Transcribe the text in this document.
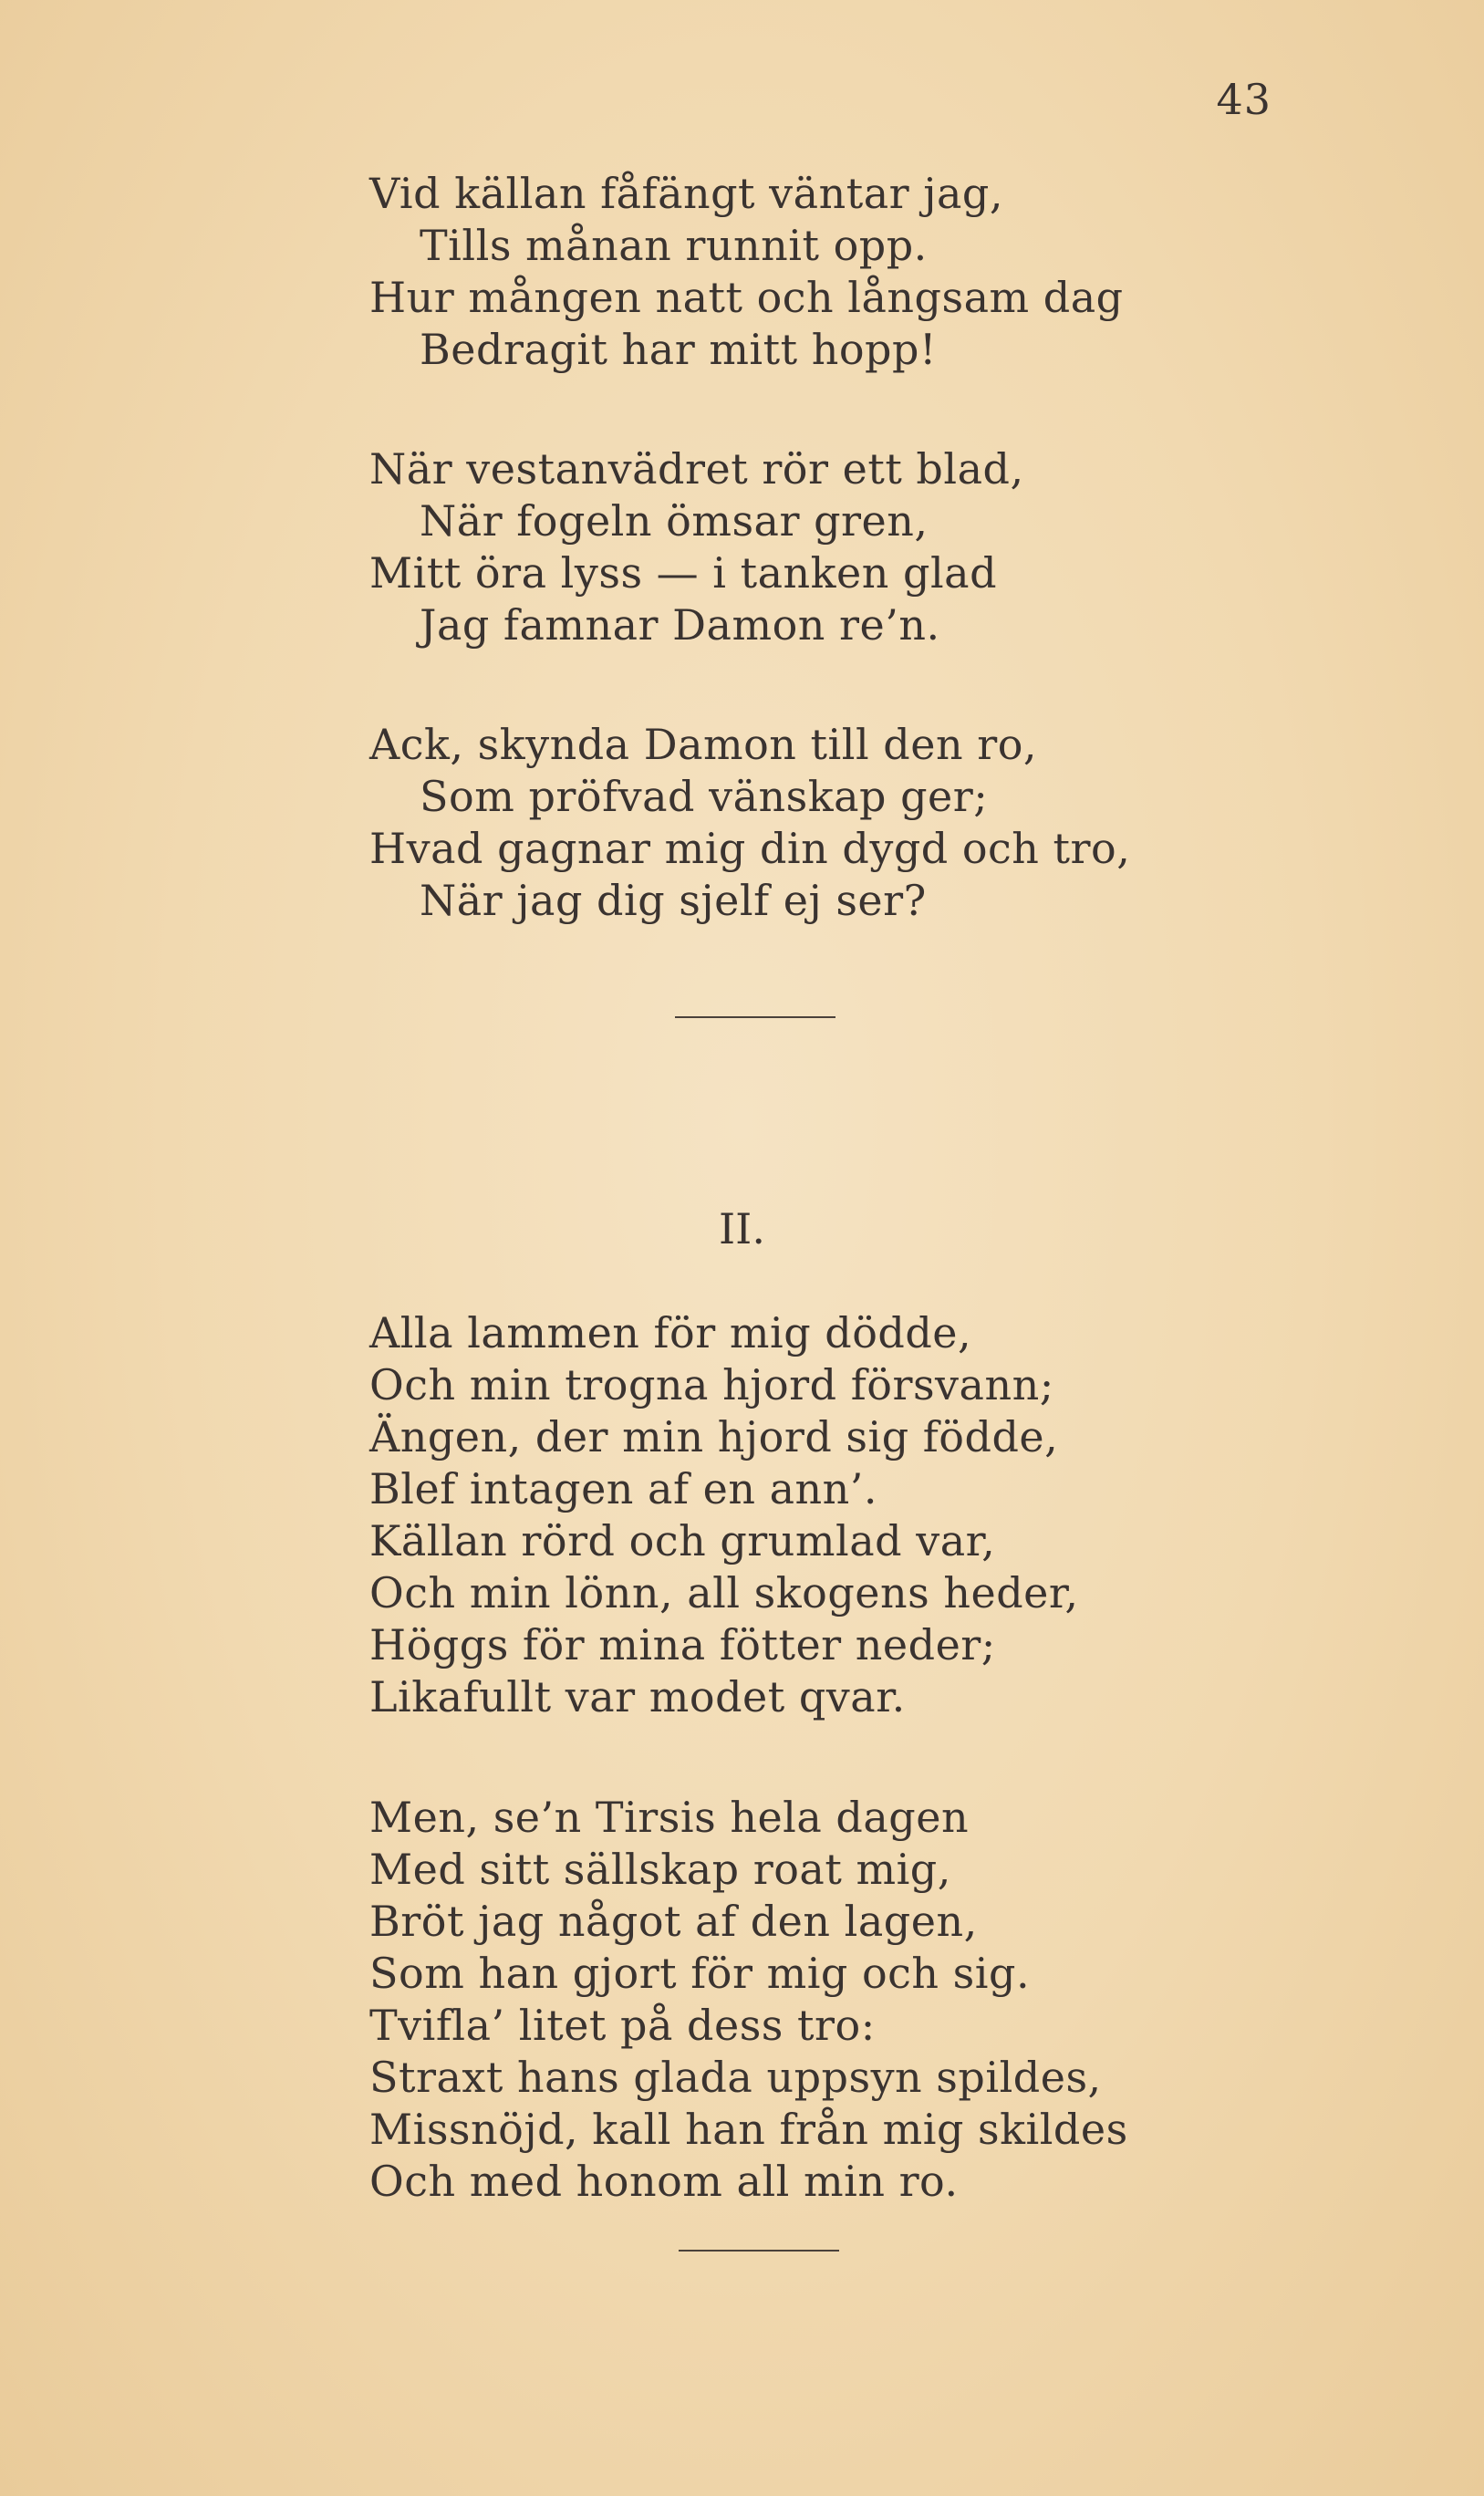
43
Vid källan fåfängt väntar jag,
Tills månan runnit opp.
Hur mången natt och långsam dag
Bedragit har mitt hopp!
När vestanvädret rör ett blad,
När fogeln ömsar gren,
Mitt öra lyss — i tanken glad
Jag famnar Damon re’n.
Ack, skynda Damon till den ro,
Som pröfvad vänskap ger;
Hvad gagnar mig din dygd och tro,
När jag dig sjelf ej ser?
II.
Alla lammen för mig dödde,
Och min trogna hjord försvann;
Ängen, der min hjord sig födde,
Blef intagen af en ann’.
Källan rörd och grumlad var,
Och min lönn, all skogens heder,
Höggs för mina fötter neder;
Likafullt var modet qvar.
Men, se’n Tirsis hela dagen
Med sitt sällskap roat mig,
Bröt jag något af den lagen,
Som han gjort för mig och sig.
Tvifla’ litet på dess tro:
Straxt hans glada uppsyn spildes,
Missnöjd, kall han från mig skildes
Och med honom all min ro.
